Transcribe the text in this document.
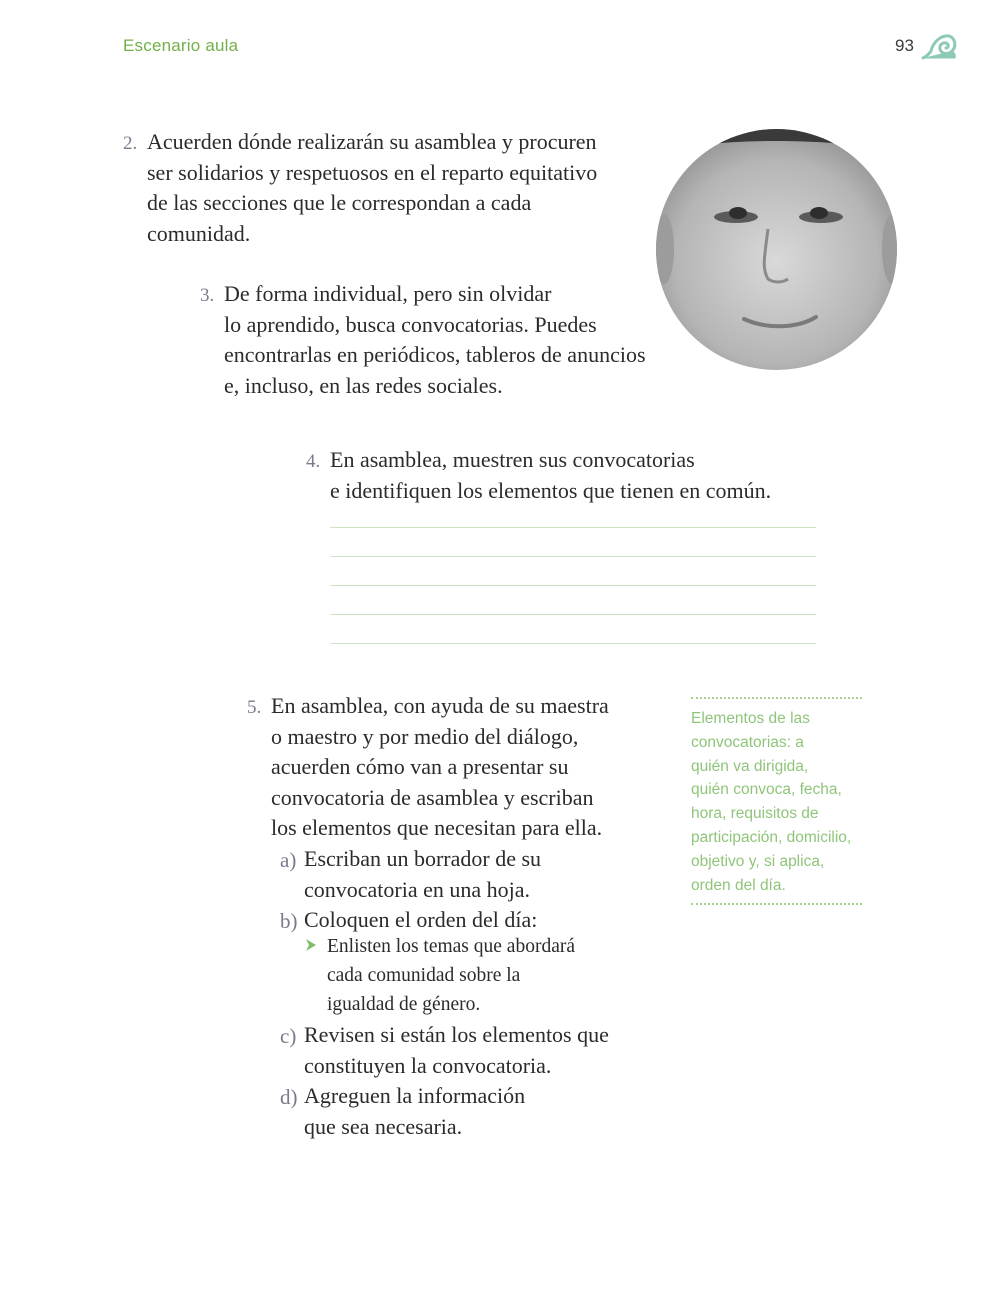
Escenario aula	93
2. Acuerden dónde realizarán su asamblea y procuren
ser solidarios y respetuosos en el reparto equitativo
de las secciones que le correspondan a cada
comunidad.
3. De forma individual, pero sin olvidar
lo aprendido, busca convocatorias. Puedes
encontrarlas en periódicos, tableros de anuncios
e, incluso, en las redes sociales.
4. En asamblea, muestren sus convocatorias
e identifiquen los elementos que tienen en común.
5. En asamblea, con ayuda de su maestra
o maestro y por medio del diálogo,
acuerden cómo van a presentar su
convocatoria de asamblea y escriban
los elementos que necesitan para ella.
a) Escriban un borrador de su
convocatoria en una hoja.
b) Coloquen el orden del día:
Enlisten los temas que abordará
cada comunidad sobre la
igualdad de género.
c) Revisen si están los elementos que
constituyen la convocatoria.
d) Agreguen la información
que sea necesaria.
Elementos de las
convocatorias: a
quién va dirigida,
quién convoca, fecha,
hora, requisitos de
participación, domicilio,
objetivo y, si aplica,
orden del día.
